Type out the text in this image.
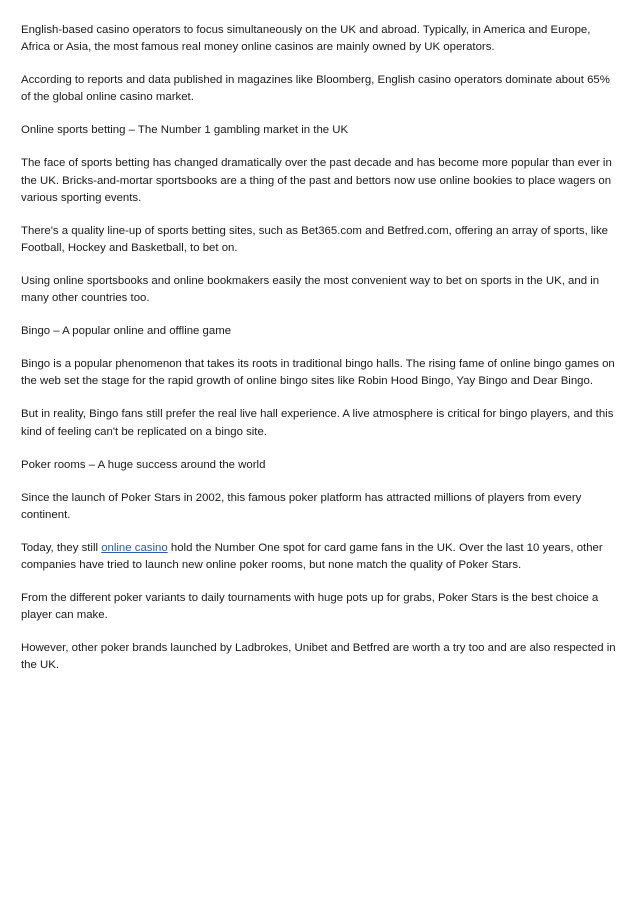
English-based casino operators to focus simultaneously on the UK and abroad. Typically, in America and Europe, Africa or Asia, the most famous real money online casinos are mainly owned by UK operators.

According to reports and data published in magazines like Bloomberg, English casino operators dominate about 65% of the global online casino market.

Online sports betting – The Number 1 gambling market in the UK

The face of sports betting has changed dramatically over the past decade and has become more popular than ever in the UK. Bricks-and-mortar sportsbooks are a thing of the past and bettors now use online bookies to place wagers on various sporting events.

There's a quality line-up of sports betting sites, such as Bet365.com and Betfred.com, offering an array of sports, like Football, Hockey and Basketball, to bet on.

Using online sportsbooks and online bookmakers easily the most convenient way to bet on sports in the UK, and in many other countries too.

Bingo – A popular online and offline game

Bingo is a popular phenomenon that takes its roots in traditional bingo halls. The rising fame of online bingo games on the web set the stage for the rapid growth of online bingo sites like Robin Hood Bingo, Yay Bingo and Dear Bingo.

But in reality, Bingo fans still prefer the real live hall experience. A live atmosphere is critical for bingo players, and this kind of feeling can't be replicated on a bingo site.

Poker rooms – A huge success around the world

Since the launch of Poker Stars in 2002, this famous poker platform has attracted millions of players from every continent.

Today, they still online casino hold the Number One spot for card game fans in the UK. Over the last 10 years, other companies have tried to launch new online poker rooms, but none match the quality of Poker Stars.

From the different poker variants to daily tournaments with huge pots up for grabs, Poker Stars is the best choice a player can make.

However, other poker brands launched by Ladbrokes, Unibet and Betfred are worth a try too and are also respected in the UK.
